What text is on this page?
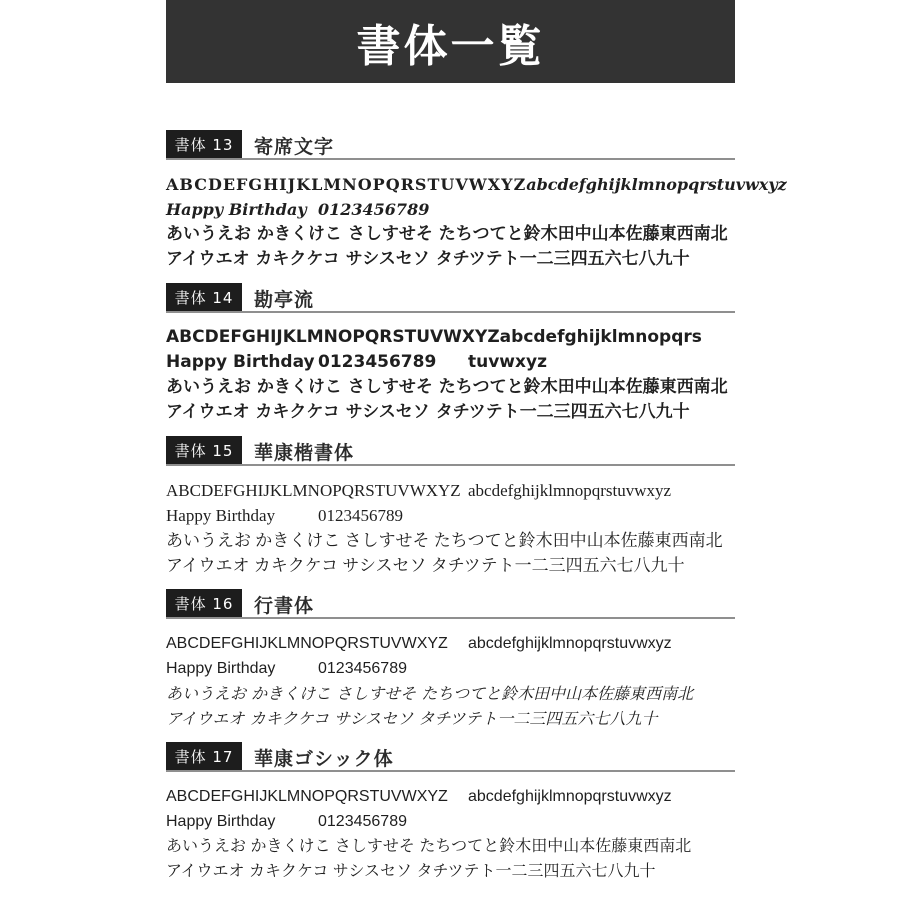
書体一覧
書体 13	寄席文字
ABCDEFGHIJKLMNOPQRSTUVWXYZabcdefghijklmnopqrstuvwxyz
Happy Birthday 0123456789
あいうえお かきくけこ さしすせそ たちつてと鈴木田中山本佐藤東西南北
アイウエオ カキクケコ サシスセソ タチツテト一二三四五六七八九十
書体 14	勘亭流
ABCDEFGHIJKLMNOPQRSTUVWXYZabcdefghijklmnopqrs
Happy Birthday 0123456789 tuvwxyz
あいうえお かきくけこ さしすせそ たちつてと鈴木田中山本佐藤東西南北
アイウエオ カキクケコ サシスセソ タチツテト一二三四五六七八九十
書体 15	華康楷書体
ABCDEFGHIJKLMNOPQRSTUVWXYZ abcdefghijklmnopqrstuvwxyz
Happy Birthday	0123456789
あいうえお かきくけこ さしすせそ たちつてと鈴木田中山本佐藤東西南北
アイウエオ カキクケコ サシスセソ タチツテト一二三四五六七八九十
書体 16	行書体
ABCDEFGHIJKLMNOPQRSTUVWXYZ abcdefghijklmnopqrstuvwxyz
Happy Birthday	0123456789
あいうえお かきくけこ さしすせそ たちつてと鈴木田中山本佐藤東西南北
アイウエオ カキクケコ サシスセソ タチツテト一二三四五六七八九十
書体 17	華康ゴシック体
ABCDEFGHIJKLMNOPQRSTUVWXYZ abcdefghijklmnopqrstuvwxyz
Happy Birthday	0123456789
あいうえお かきくけこ さしすせそ たちつてと鈴木田中山本佐藤東西南北
アイウエオ カキクケコ サシスセソ タチツテト一二三四五六七八九十
